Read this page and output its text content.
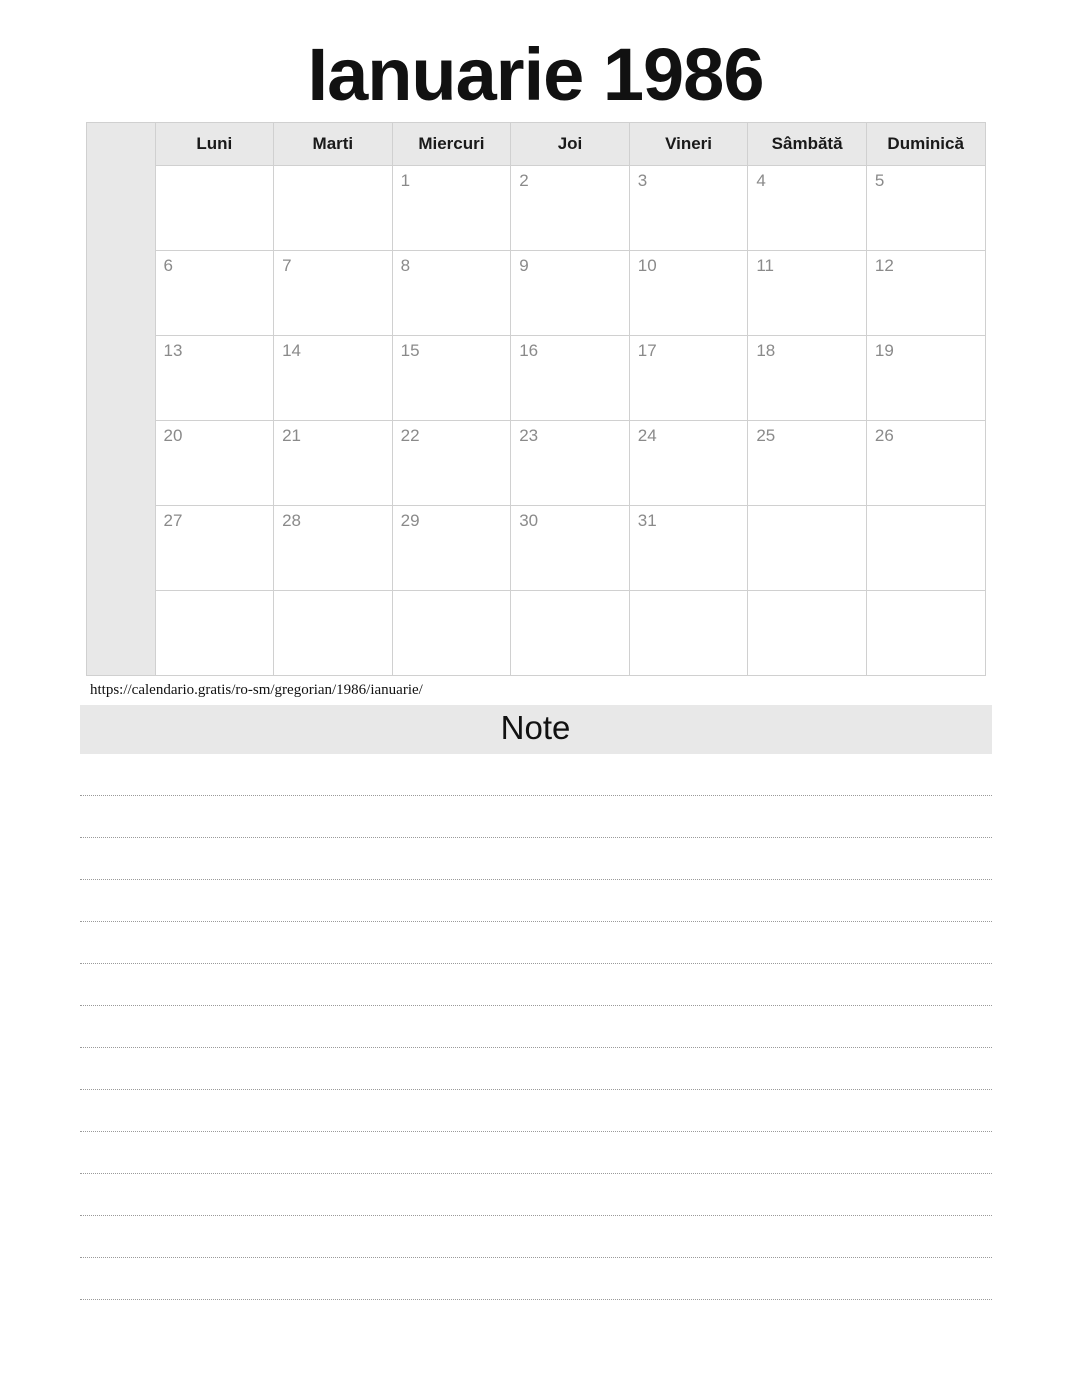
Ianuarie 1986
	Luni	Marti	Miercuri	Joi	Vineri	Sâmbătă	Duminică

			1	2	3	4	5

	6	7	8	9	10	11	12

	13	14	15	16	17	18	19

	20	21	22	23	24	25	26

	27	28	29	30	31		

https://calendario.gratis/ro-sm/gregorian/1986/ianuarie/
Note
